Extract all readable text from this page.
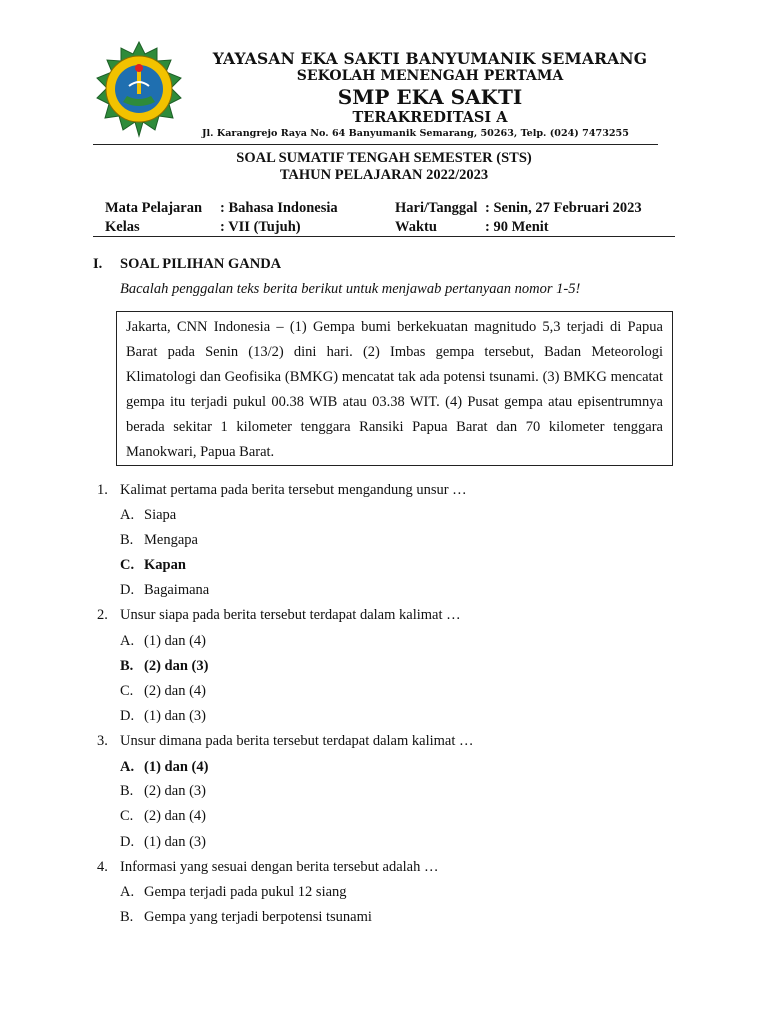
YAYASAN EKA SAKTI BANYUMANIK SEMARANG
SEKOLAH MENENGAH PERTAMA
SMP EKA SAKTI
TERAKREDITASI A
Jl. Karangrejo Raya No. 64 Banyumanik Semarang, 50263, Telp. (024) 7473255
SOAL SUMATIF TENGAH SEMESTER (STS)
TAHUN PELAJARAN 2022/2023
Mata Pelajaran : Bahasa Indonesia
Kelas	: VII (Tujuh)
Hari/Tanggal : Senin, 27 Februari 2023
Waktu	: 90 Menit
I. SOAL PILIHAN GANDA
Bacalah penggalan teks berita berikut untuk menjawab pertanyaan nomor 1-5!
Jakarta, CNN Indonesia – (1) Gempa bumi berkekuatan magnitudo 5,3 terjadi di Papua Barat pada Senin (13/2) dini hari. (2) Imbas gempa tersebut, Badan Meteorologi Klimatologi dan Geofisika (BMKG) mencatat tak ada potensi tsunami. (3) BMKG mencatat gempa itu terjadi pukul 00.38 WIB atau 03.38 WIT. (4) Pusat gempa atau episentrumnya berada sekitar 1 kilometer tenggara Ransiki Papua Barat dan 70 kilometer tenggara Manokwari, Papua Barat.
1. Kalimat pertama pada berita tersebut mengandung unsur …
A. Siapa
B. Mengapa
C. Kapan
D. Bagaimana
2. Unsur siapa pada berita tersebut terdapat dalam kalimat …
A. (1) dan (4)
B. (2) dan (3)
C. (2) dan (4)
D. (1) dan (3)
3. Unsur dimana pada berita tersebut terdapat dalam kalimat …
A. (1) dan (4)
B. (2) dan (3)
C. (2) dan (4)
D. (1) dan (3)
4. Informasi yang sesuai dengan berita tersebut adalah …
A. Gempa terjadi pada pukul 12 siang
B. Gempa yang terjadi berpotensi tsunami
